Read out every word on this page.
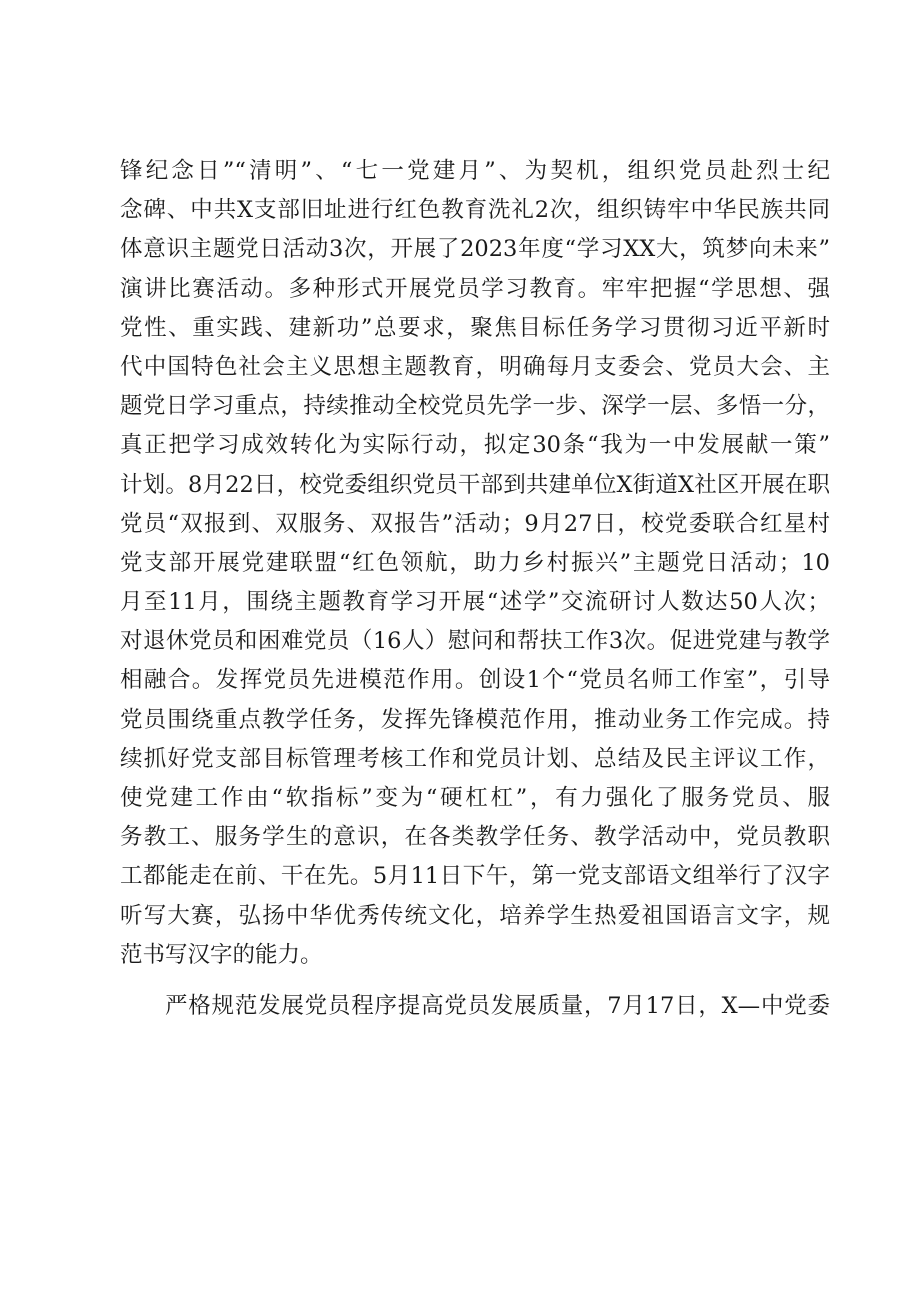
锋纪念日”“清明”、“七一党建月”、为契机，组织党员赴烈士纪
念碑、中共X支部旧址进行红色教育洗礼2次，组织铸牢中华民族共同
体意识主题党日活动3次，开展了2023年度“学习XX大，筑梦向未来”
演讲比赛活动。多种形式开展党员学习教育。牢牢把握“学思想、强
党性、重实践、建新功”总要求，聚焦目标任务学习贯彻习近平新时
代中国特色社会主义思想主题教育，明确每月支委会、党员大会、主
题党日学习重点，持续推动全校党员先学一步、深学一层、多悟一分，
真正把学习成效转化为实际行动，拟定30条“我为一中发展献一策”
计划。8月22日，校党委组织党员干部到共建单位X街道X社区开展在职
党员“双报到、双服务、双报告”活动；9月27日，校党委联合红星村
党支部开展党建联盟“红色领航，助力乡村振兴”主题党日活动；10
月至11月，围绕主题教育学习开展“述学”交流研讨人数达50人次；
对退休党员和困难党员（16人）慰问和帮扶工作3次。促进党建与教学
相融合。发挥党员先进模范作用。创设1个“党员名师工作室”，引导
党员围绕重点教学任务，发挥先锋模范作用，推动业务工作完成。持
续抓好党支部目标管理考核工作和党员计划、总结及民主评议工作，
使党建工作由“软指标”变为“硬杠杠”，有力强化了服务党员、服
务教工、服务学生的意识，在各类教学任务、教学活动中，党员教职
工都能走在前、干在先。5月11日下午，第一党支部语文组举行了汉字
听写大赛，弘扬中华优秀传统文化，培养学生热爱祖国语言文字，规
范书写汉字的能力。
严格规范发展党员程序提高党员发展质量，7月17日，X—中党委
